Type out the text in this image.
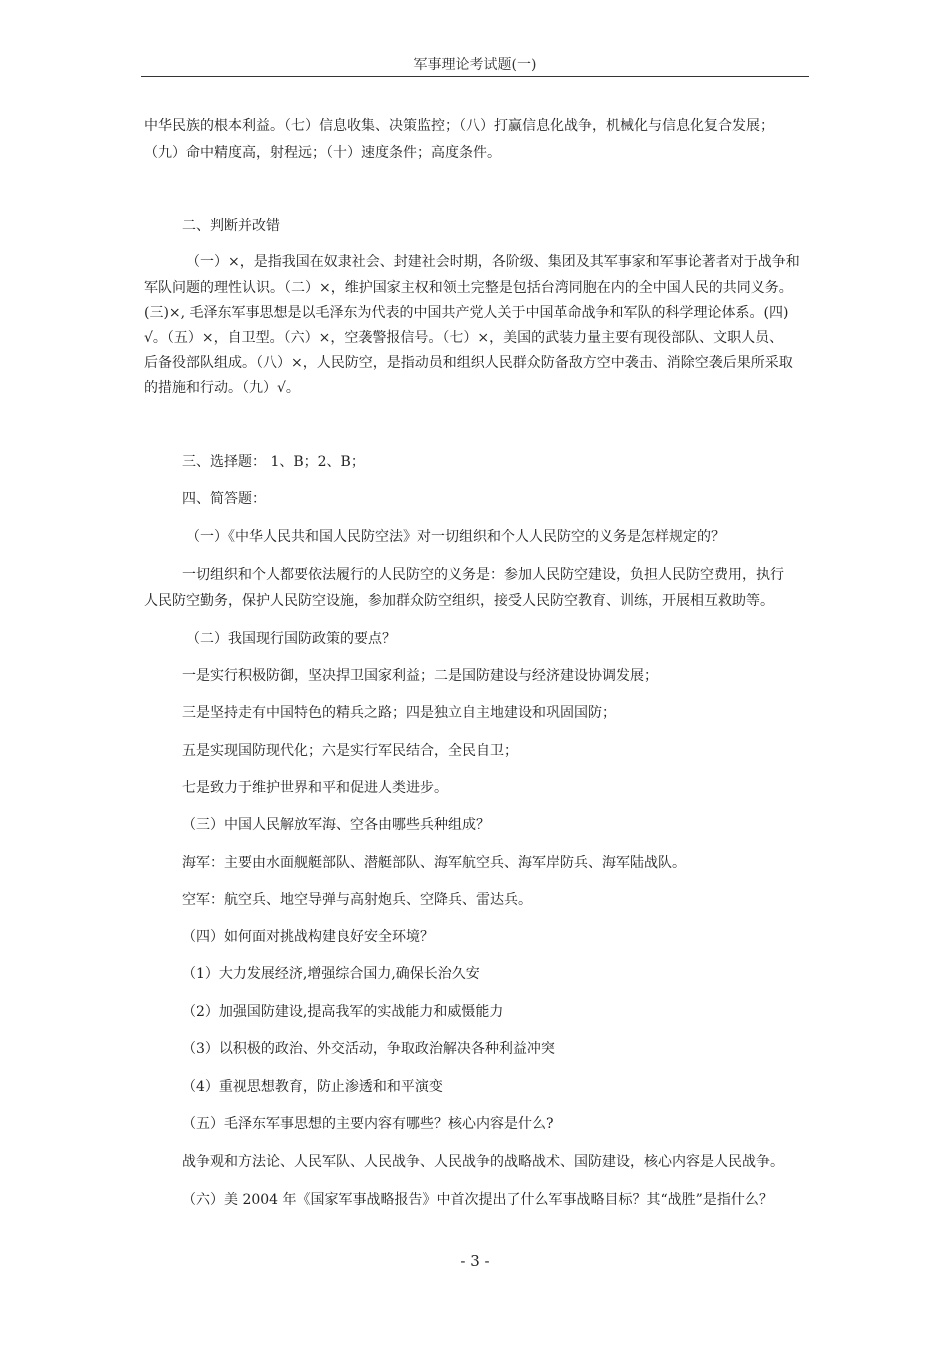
军事理论考试题(一)
中华民族的根本利益。（七）信息收集、决策监控；（八）打赢信息化战争，机械化与信息化复合发展；
（九）命中精度高，射程远；（十）速度条件；高度条件。
二、判断并改错
（一）×，是指我国在奴隶社会、封建社会时期，各阶级、集团及其军事家和军事论著者对于战争和
军队问题的理性认识。（二）×，维护国家主权和领土完整是包括台湾同胞在内的全中国人民的共同义务。
(三)×, 毛泽东军事思想是以毛泽东为代表的中国共产党人关于中国革命战争和军队的科学理论体系。(四)
√。（五）×，自卫型。（六）×，空袭警报信号。（七）×，美国的武装力量主要有现役部队、文职人员、
后备役部队组成。（八）×，人民防空，是指动员和组织人民群众防备敌方空中袭击、消除空袭后果所采取
的措施和行动。（九）√。
三、选择题： 1、B；2、B；
四、简答题：
（一）《中华人民共和国人民防空法》对一切组织和个人人民防空的义务是怎样规定的？
一切组织和个人都要依法履行的人民防空的义务是：参加人民防空建设，负担人民防空费用，执行
人民防空勤务，保护人民防空设施，参加群众防空组织，接受人民防空教育、训练，开展相互救助等。
（二）我国现行国防政策的要点？
一是实行积极防御，坚决捍卫国家利益；二是国防建设与经济建设协调发展；
三是坚持走有中国特色的精兵之路；四是独立自主地建设和巩固国防；
五是实现国防现代化；六是实行军民结合，全民自卫；
七是致力于维护世界和平和促进人类进步。
（三）中国人民解放军海、空各由哪些兵种组成？
海军：主要由水面舰艇部队、潜艇部队、海军航空兵、海军岸防兵、海军陆战队。
空军：航空兵、地空导弹与高射炮兵、空降兵、雷达兵。
（四）如何面对挑战构建良好安全环境？
（1）大力发展经济,增强综合国力,确保长治久安
（2）加强国防建设,提高我军的实战能力和威慑能力
（3）以积极的政治、外交活动，争取政治解决各种利益冲突
（4）重视思想教育，防止渗透和和平演变
（五）毛泽东军事思想的主要内容有哪些？核心内容是什么?
战争观和方法论、人民军队、人民战争、人民战争的战略战术、国防建设，核心内容是人民战争。
（六）美 2004 年《国家军事战略报告》中首次提出了什么军事战略目标？其“战胜”是指什么？
- 3 -
